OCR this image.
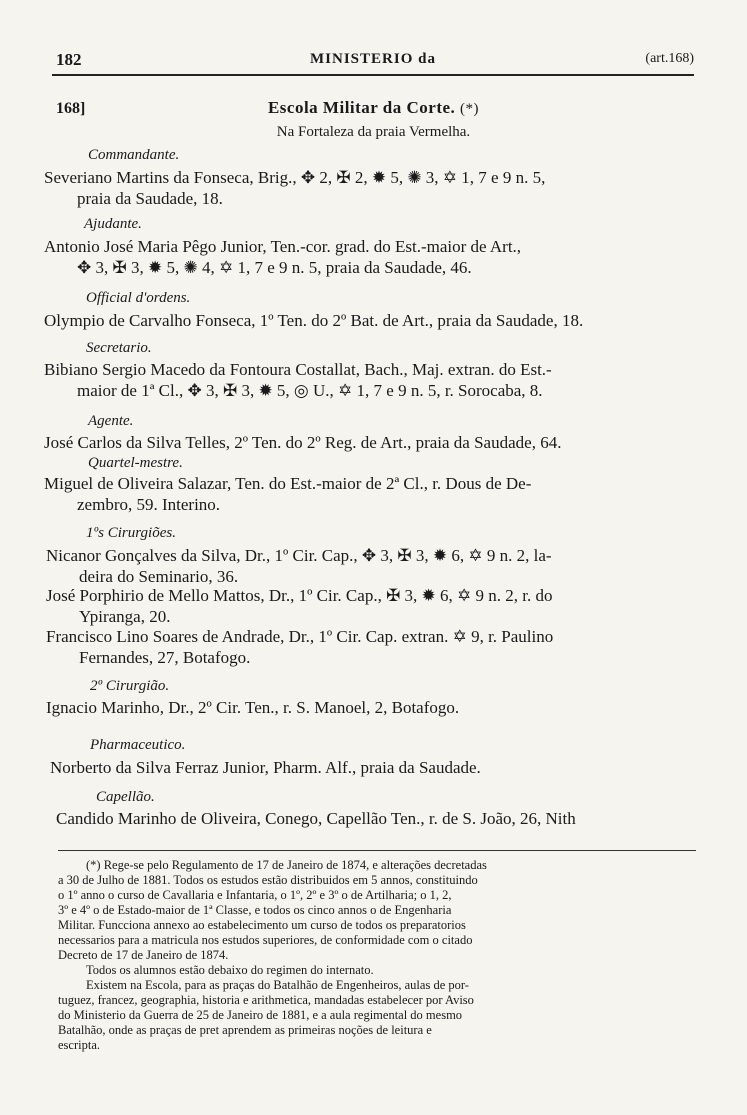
182	MINISTERIO da	(art.168)
168]	Escola Militar da Corte. (*)
Na Fortaleza da praia Vermelha.
Commandante.
Severiano Martins da Fonseca, Brig., ✥ 2, ✠ 2, ✹ 5, ✺ 3, ✡ 1, 7 e 9 n. 5,
praia da Saudade, 18.
Ajudante.
Antonio José Maria Pêgo Junior, Ten.-cor. grad. do Est.-maior de Art.,
✥ 3, ✠ 3, ✹ 5, ✺ 4, ✡ 1, 7 e 9 n. 5, praia da Saudade, 46.
Official d'ordens.
Olympio de Carvalho Fonseca, 1º Ten. do 2º Bat. de Art., praia da Saudade, 18.
Secretario.
Bibiano Sergio Macedo da Fontoura Costallat, Bach., Maj. extran. do Est.-
maior de 1ª Cl., ✥ 3, ✠ 3, ✹ 5, ◎ U., ✡ 1, 7 e 9 n. 5, r. Sorocaba, 8.
Agente.
José Carlos da Silva Telles, 2º Ten. do 2º Reg. de Art., praia da Saudade, 64.
Quartel-mestre.
Miguel de Oliveira Salazar, Ten. do Est.-maior de 2ª Cl., r. Dous de De-
zembro, 59. Interino.
1ºs Cirurgiões.
Nicanor Gonçalves da Silva, Dr., 1º Cir. Cap., ✥ 3, ✠ 3, ✹ 6, ✡ 9 n. 2, la-
deira do Seminario, 36.
José Porphirio de Mello Mattos, Dr., 1º Cir. Cap., ✠ 3, ✹ 6, ✡ 9 n. 2, r. do
Ypiranga, 20.
Francisco Lino Soares de Andrade, Dr., 1º Cir. Cap. extran. ✡ 9, r. Paulino
Fernandes, 27, Botafogo.
2º Cirurgião.
Ignacio Marinho, Dr., 2º Cir. Ten., r. S. Manoel, 2, Botafogo.
Pharmaceutico.
Norberto da Silva Ferraz Junior, Pharm. Alf., praia da Saudade.
Capellão.
Candido Marinho de Oliveira, Conego, Capellão Ten., r. de S. João, 26, Nith
(*) Rege-se pelo Regulamento de 17 de Janeiro de 1874, e alterações decretadas
a 30 de Julho de 1881. Todos os estudos estão distribuidos em 5 annos, constituindo
o 1º anno o curso de Cavallaria e Infantaria, o 1º, 2º e 3º o de Artilharia; o 1, 2,
3º e 4º o de Estado-maior de 1ª Classe, e todos os cinco annos o de Engenharia
Militar. Funcciona annexo ao estabelecimento um curso de todos os preparatorios
necessarios para a matricula nos estudos superiores, de conformidade com o citado
Decreto de 17 de Janeiro de 1874.
Todos os alumnos estão debaixo do regimen do internato.
Existem na Escola, para as praças do Batalhão de Engenheiros, aulas de por-
tuguez, francez, geographia, historia e arithmetica, mandadas estabelecer por Aviso
do Ministerio da Guerra de 25 de Janeiro de 1881, e a aula regimental do mesmo
Batalhão, onde as praças de pret aprendem as primeiras noções de leitura e
escripta.
